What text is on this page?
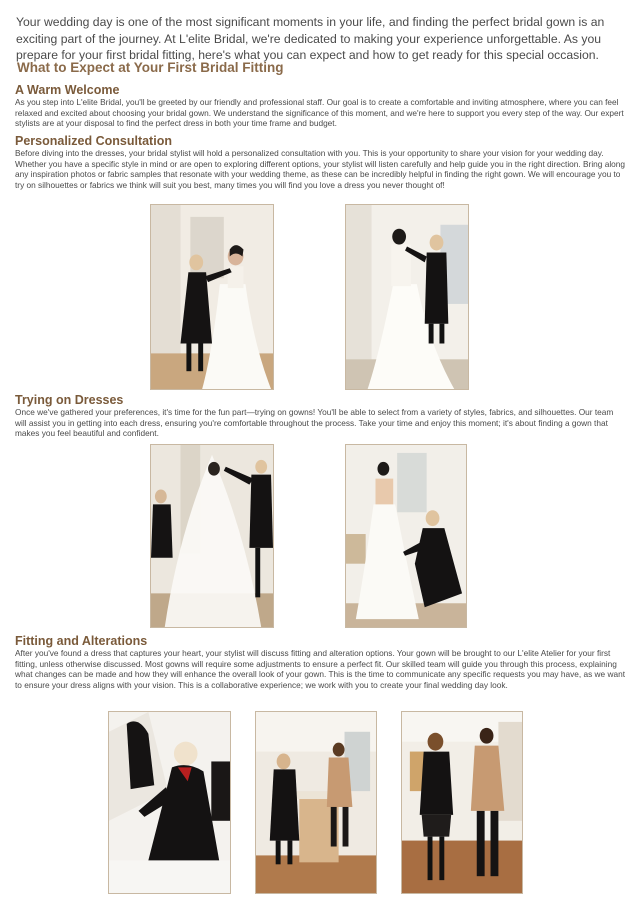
Your wedding day is one of the most significant moments in your life, and finding the perfect bridal gown is an exciting part of the journey. At L'elite Bridal, we're dedicated to making your experience unforgettable. As you prepare for your first bridal fitting, here's what you can expect and how to get ready for this special occasion.

What to Expect at Your First Bridal Fitting
A Warm Welcome

As you step into L'elite Bridal, you'll be greeted by our friendly and professional staff. Our goal is to create a comfortable and inviting atmosphere, where you can feel relaxed and excited about choosing your bridal gown. We understand the significance of this moment, and we're here to support you every step of the way. Our expert stylists are at your disposal to find the perfect dress in both your time frame and budget.

Personalized Consultation

Before diving into the dresses, your bridal stylist will hold a personalized consultation with you. This is your opportunity to share your vision for your wedding day. Whether you have a specific style in mind or are open to exploring different options, your stylist will listen carefully and help guide you in the right direction. Bring along any inspiration photos or fabric samples that resonate with your wedding theme, as these can be incredibly helpful in finding the right gown. We will encourage you to try on silhouettes or fabrics we think will suit you best, many times you will find you love a dress you never thought of!

Trying on Dresses

Once we've gathered your preferences, it's time for the fun part—trying on gowns! You'll be able to select from a variety of styles, fabrics, and silhouettes. Our team will assist you in getting into each dress, ensuring you're comfortable throughout the process. Take your time and enjoy this moment; it's about finding a gown that makes you feel beautiful and confident.

Fitting and Alterations

After you've found a dress that captures your heart, your stylist will discuss fitting and alteration options. Your gown will be brought to our L'elite Atelier for your first fitting, unless otherwise discussed. Most gowns will require some adjustments to ensure a perfect fit. Our skilled team will guide you through this process, explaining what changes can be made and how they will enhance the overall look of your gown. This is the time to communicate any specific requests you may have, as we want to ensure your dress aligns with your vision. This is a collaborative experience; we work with you to create your final wedding day look.
